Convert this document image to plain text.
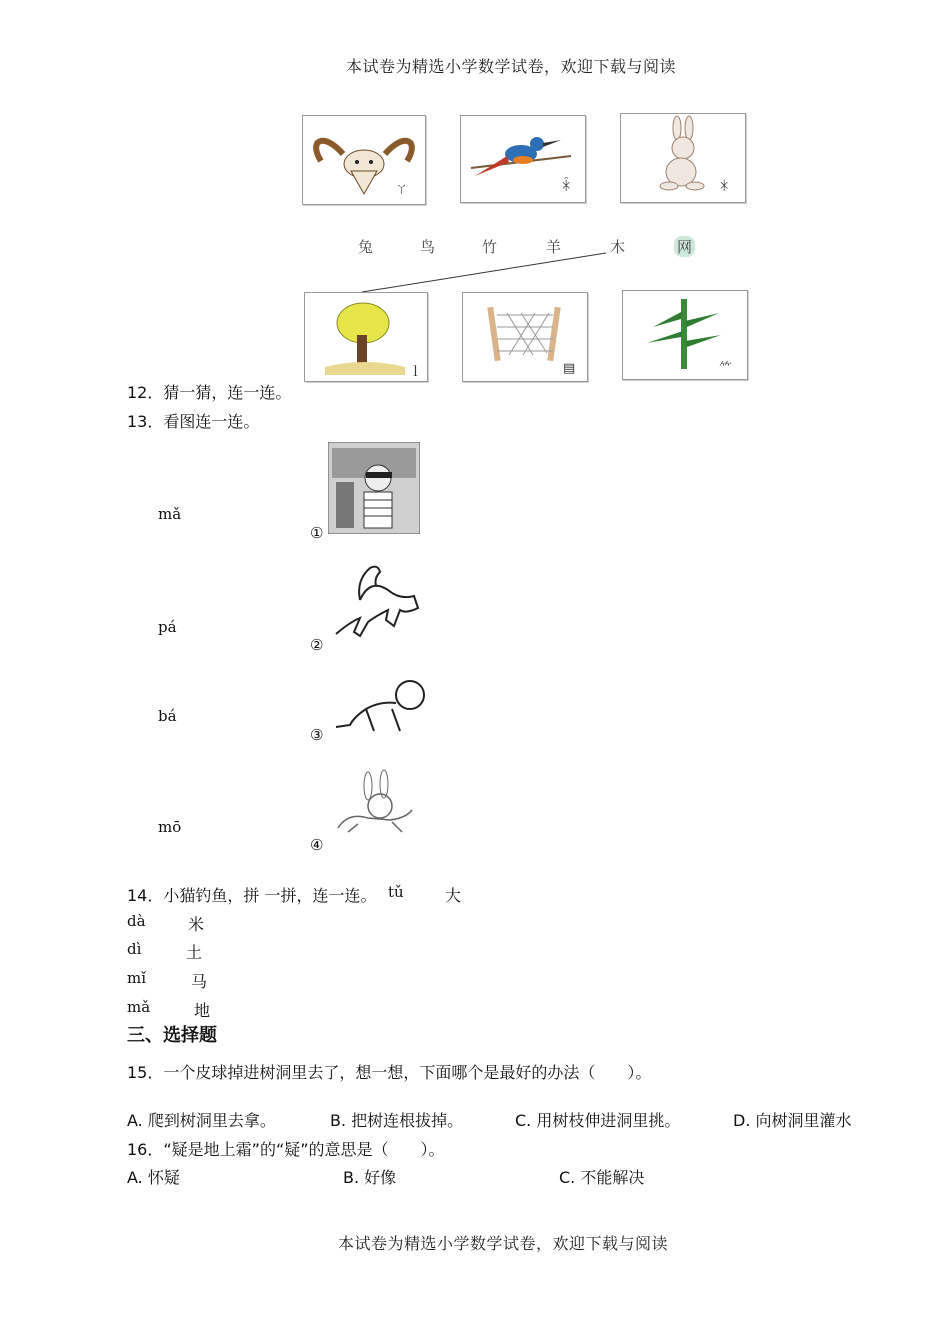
本试卷为精选小学数学试卷，欢迎下载与阅读
ㄚ	ꁗ	ꁘ
兔	鸟	竹	羊	木	网
ｌ	▤	⺮
12．猜一猜，连一连。
13．看图连一连。
mǎ
pá
bá
mō
①
②
③
④
14．小猫钓鱼，拼 一拼，连一连。 tǔ	大
dà	米
dì	土
mǐ	马
mǎ	地
三、选择题
15．一个皮球掉进树洞里去了，想一想，下面哪个是最好的办法（　　）。
A. 爬到树洞里去拿。	B. 把树连根拔掉。	C. 用树枝伸进洞里挑。	D. 向树洞里灌水
16．“疑是地上霜”的“疑”的意思是（　　）。
A. 怀疑	B. 好像	C. 不能解决
本试卷为精选小学数学试卷，欢迎下载与阅读
